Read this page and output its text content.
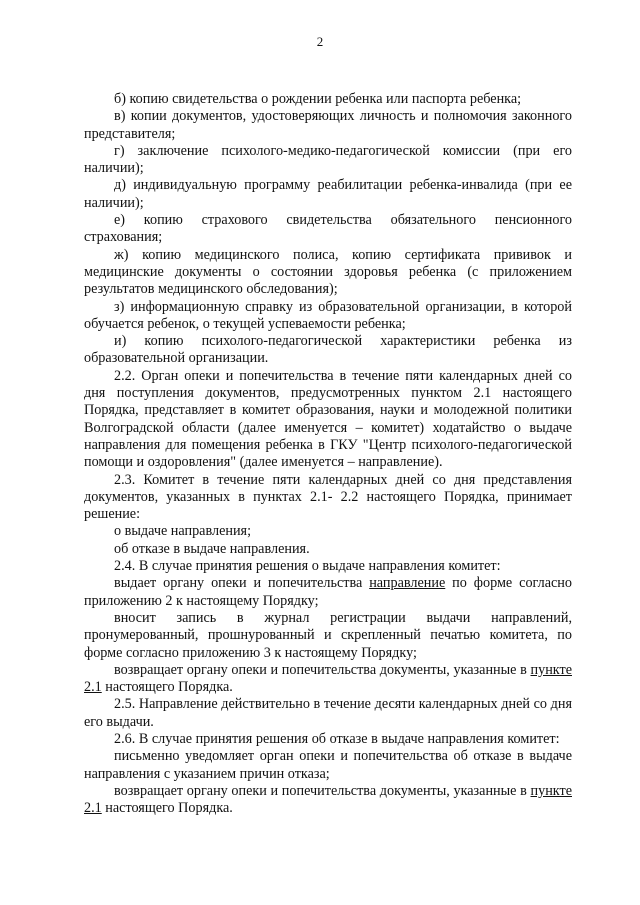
2

б) копию свидетельства о рождении ребенка или паспорта ребенка;

в) копии документов, удостоверяющих личность и полномочия законного представителя;

г) заключение психолого-медико-педагогической комиссии (при его наличии);

д) индивидуальную программу реабилитации ребенка-инвалида (при ее наличии);

е) копию страхового свидетельства обязательного пенсионного страхования;

ж) копию медицинского полиса, копию сертификата прививок и медицинские документы о состоянии здоровья ребенка (с приложением результатов медицинского обследования);

з) информационную справку из образовательной организации, в которой обучается ребенок, о текущей успеваемости ребенка;

и) копию психолого-педагогической характеристики ребенка из образовательной организации.

2.2. Орган опеки и попечительства в течение пяти календарных дней со дня поступления документов, предусмотренных пунктом 2.1 настоящего Порядка, представляет в комитет образования, науки и молодежной политики Волгоградской области (далее именуется – комитет) ходатайство о выдаче направления для помещения ребенка в ГКУ "Центр психолого-педагогической помощи и оздоровления" (далее именуется – направление).

2.3. Комитет в течение пяти календарных дней со дня представления документов, указанных в пунктах 2.1- 2.2 настоящего Порядка, принимает решение:

о выдаче направления;

об отказе в выдаче направления.

2.4. В случае принятия решения о выдаче направления комитет:

выдает органу опеки и попечительства направление по форме согласно приложению 2 к настоящему Порядку;

вносит запись в журнал регистрации выдачи направлений, пронумерованный, прошнурованный и скрепленный печатью комитета, по форме согласно приложению 3 к настоящему Порядку;

возвращает органу опеки и попечительства документы, указанные в пункте 2.1 настоящего Порядка.

2.5. Направление действительно в течение десяти календарных дней со дня его выдачи.

2.6. В случае принятия решения об отказе в выдаче направления комитет:

письменно уведомляет орган опеки и попечительства об отказе в выдаче направления с указанием причин отказа;

возвращает органу опеки и попечительства документы, указанные в пункте 2.1 настоящего Порядка.
